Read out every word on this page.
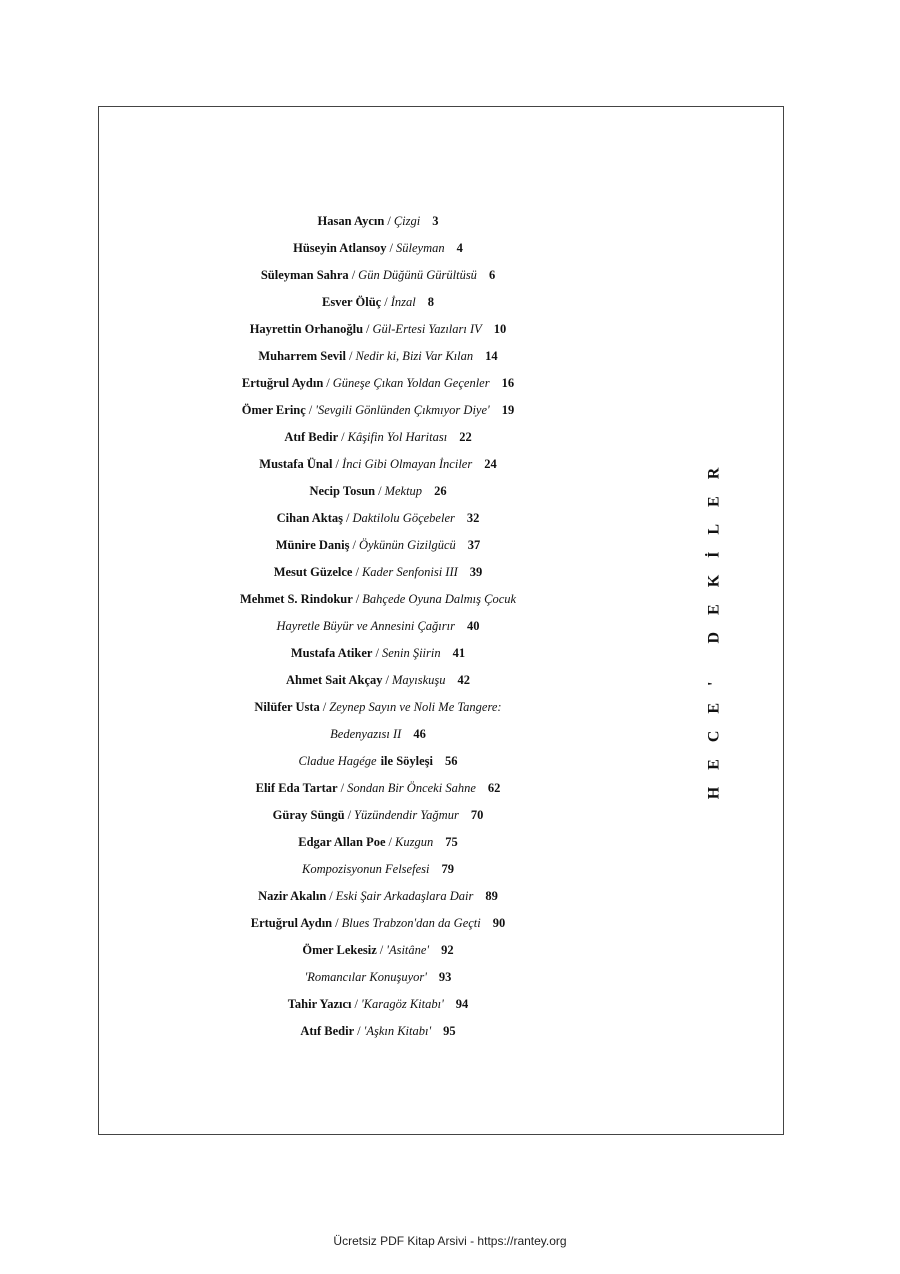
Hasan Aycın / Çizgi 3
Hüseyin Atlansoy / Süleyman 4
Süleyman Sahra / Gün Düğünü Gürültüsü 6
Esver Ölüç / İnzal 8
Hayrettin Orhanoğlu / Gül-Ertesi Yazıları IV 10
Muharrem Sevil / Nedir ki, Bizi Var Kılan 14
Ertuğrul Aydın / Güneşe Çıkan Yoldan Geçenler 16
Ömer Erinç / 'Sevgili Gönlünden Çıkmıyor Diye' 19
Atıf Bedir / Kâşifin Yol Haritası 22
Mustafa Ünal / İnci Gibi Olmayan İnciler 24
Necip Tosun / Mektup 26
Cihan Aktaş / Daktilolu Göçebeler 32
Münire Daniş / Öykünün Gizilgücü 37
Mesut Güzelce / Kader Senfonisi III 39
Mehmet S. Rindokur / Bahçede Oyuna Dalmış Çocuk
Hayretle Büyür ve Annesini Çağırır 40
Mustafa Atiker / Senin Şiirin 41
Ahmet Sait Akçay / Mayıskuşu 42
Nilüfer Usta / Zeynep Sayın ve Noli Me Tangere:
Bedenyazısı II 46
Cladue Hagége ile Söyleşi 56
Elif Eda Tartar / Sondan Bir Önceki Sahne 62
Güray Süngü / Yüzündendir Yağmur 70
Edgar Allan Poe / Kuzgun 75
Kompozisyonun Felsefesi 79
Nazir Akalın / Eski Şair Arkadaşlara Dair 89
Ertuğrul Aydın / Blues Trabzon'dan da Geçti 90
Ömer Lekesiz / 'Asitâne' 92
'Romancılar Konuşuyor' 93
Tahir Yazıcı / 'Karagöz Kitabı' 94
Atıf Bedir / 'Aşkın Kitabı' 95
HECE' DEKİLER
Ücretsiz PDF Kitap Arsivi - https://rantey.org
